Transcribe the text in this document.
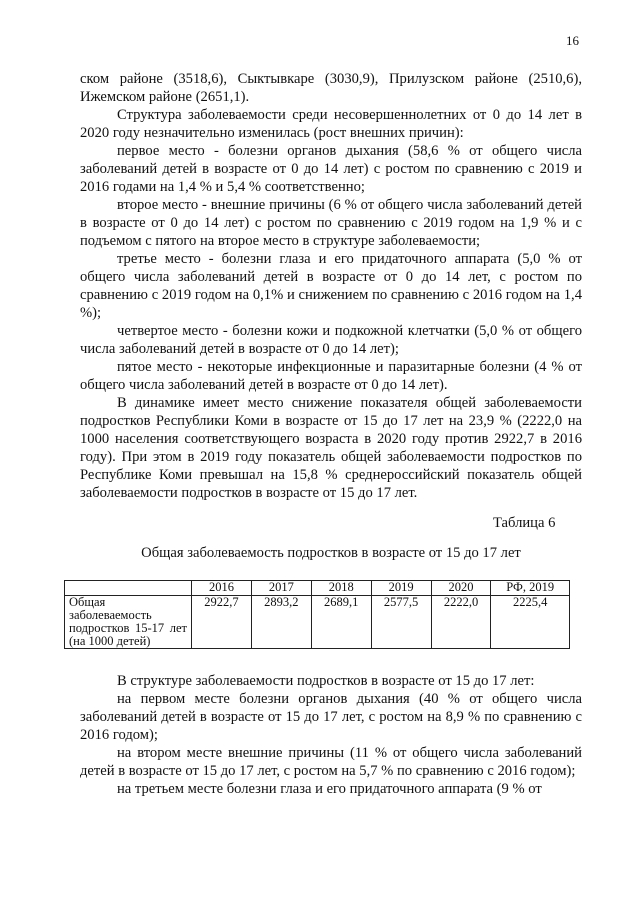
16

ском районе (3518,6), Сыктывкаре (3030,9), Прилузском районе (2510,6), Ижемском районе (2651,1).

Структура заболеваемости среди несовершеннолетних от 0 до 14 лет в 2020 году незначительно изменилась (рост внешних причин):

первое место - болезни органов дыхания (58,6 % от общего числа заболеваний детей в возрасте от 0 до 14 лет) с ростом по сравнению с 2019 и 2016 годами на 1,4 % и 5,4 % соответственно;

второе место - внешние причины (6 % от общего числа заболеваний детей в возрасте от 0 до 14 лет) с ростом по сравнению с 2019 годом на 1,9 % и с подъемом с пятого на второе место в структуре заболеваемости;

третье место - болезни глаза и его придаточного аппарата (5,0 % от общего числа заболеваний детей в возрасте от 0 до 14 лет, с ростом по сравнению с 2019 годом на 0,1% и снижением по сравнению с 2016 годом на 1,4 %);

четвертое место - болезни кожи и подкожной клетчатки (5,0 % от общего числа заболеваний детей в возрасте от 0 до 14 лет);

пятое место - некоторые инфекционные и паразитарные болезни (4 % от общего числа заболеваний детей в возрасте от 0 до 14 лет).

В динамике имеет место снижение показателя общей заболеваемости подростков Республики Коми в возрасте от 15 до 17 лет на 23,9 % (2222,0 на 1000 населения соответствующего возраста в 2020 году против 2922,7 в 2016 году). При этом в 2019 году показатель общей заболеваемости подростков по Республике Коми превышал на 15,8 % среднероссийский показатель общей заболеваемости подростков в возрасте от 15 до 17 лет.

Таблица 6
Общая заболеваемость подростков в возрасте от 15 до 17 лет
	2016	2017	2018	2019	2020	РФ, 2019
Общая заболеваемость подростков 15-17 лет (на 1000 детей)	2922,7	2893,2	2689,1	2577,5	2222,0	2225,4

В структуре заболеваемости подростков в возрасте от 15 до 17 лет:

на первом месте болезни органов дыхания (40 % от общего числа заболеваний детей в возрасте от 15 до 17 лет, с ростом на 8,9 % по сравнению с 2016 годом);

на втором месте внешние причины (11 % от общего числа заболеваний детей в возрасте от 15 до 17 лет, с ростом на 5,7 % по сравнению с 2016 годом);

на третьем месте болезни глаза и его придаточного аппарата (9 % от
